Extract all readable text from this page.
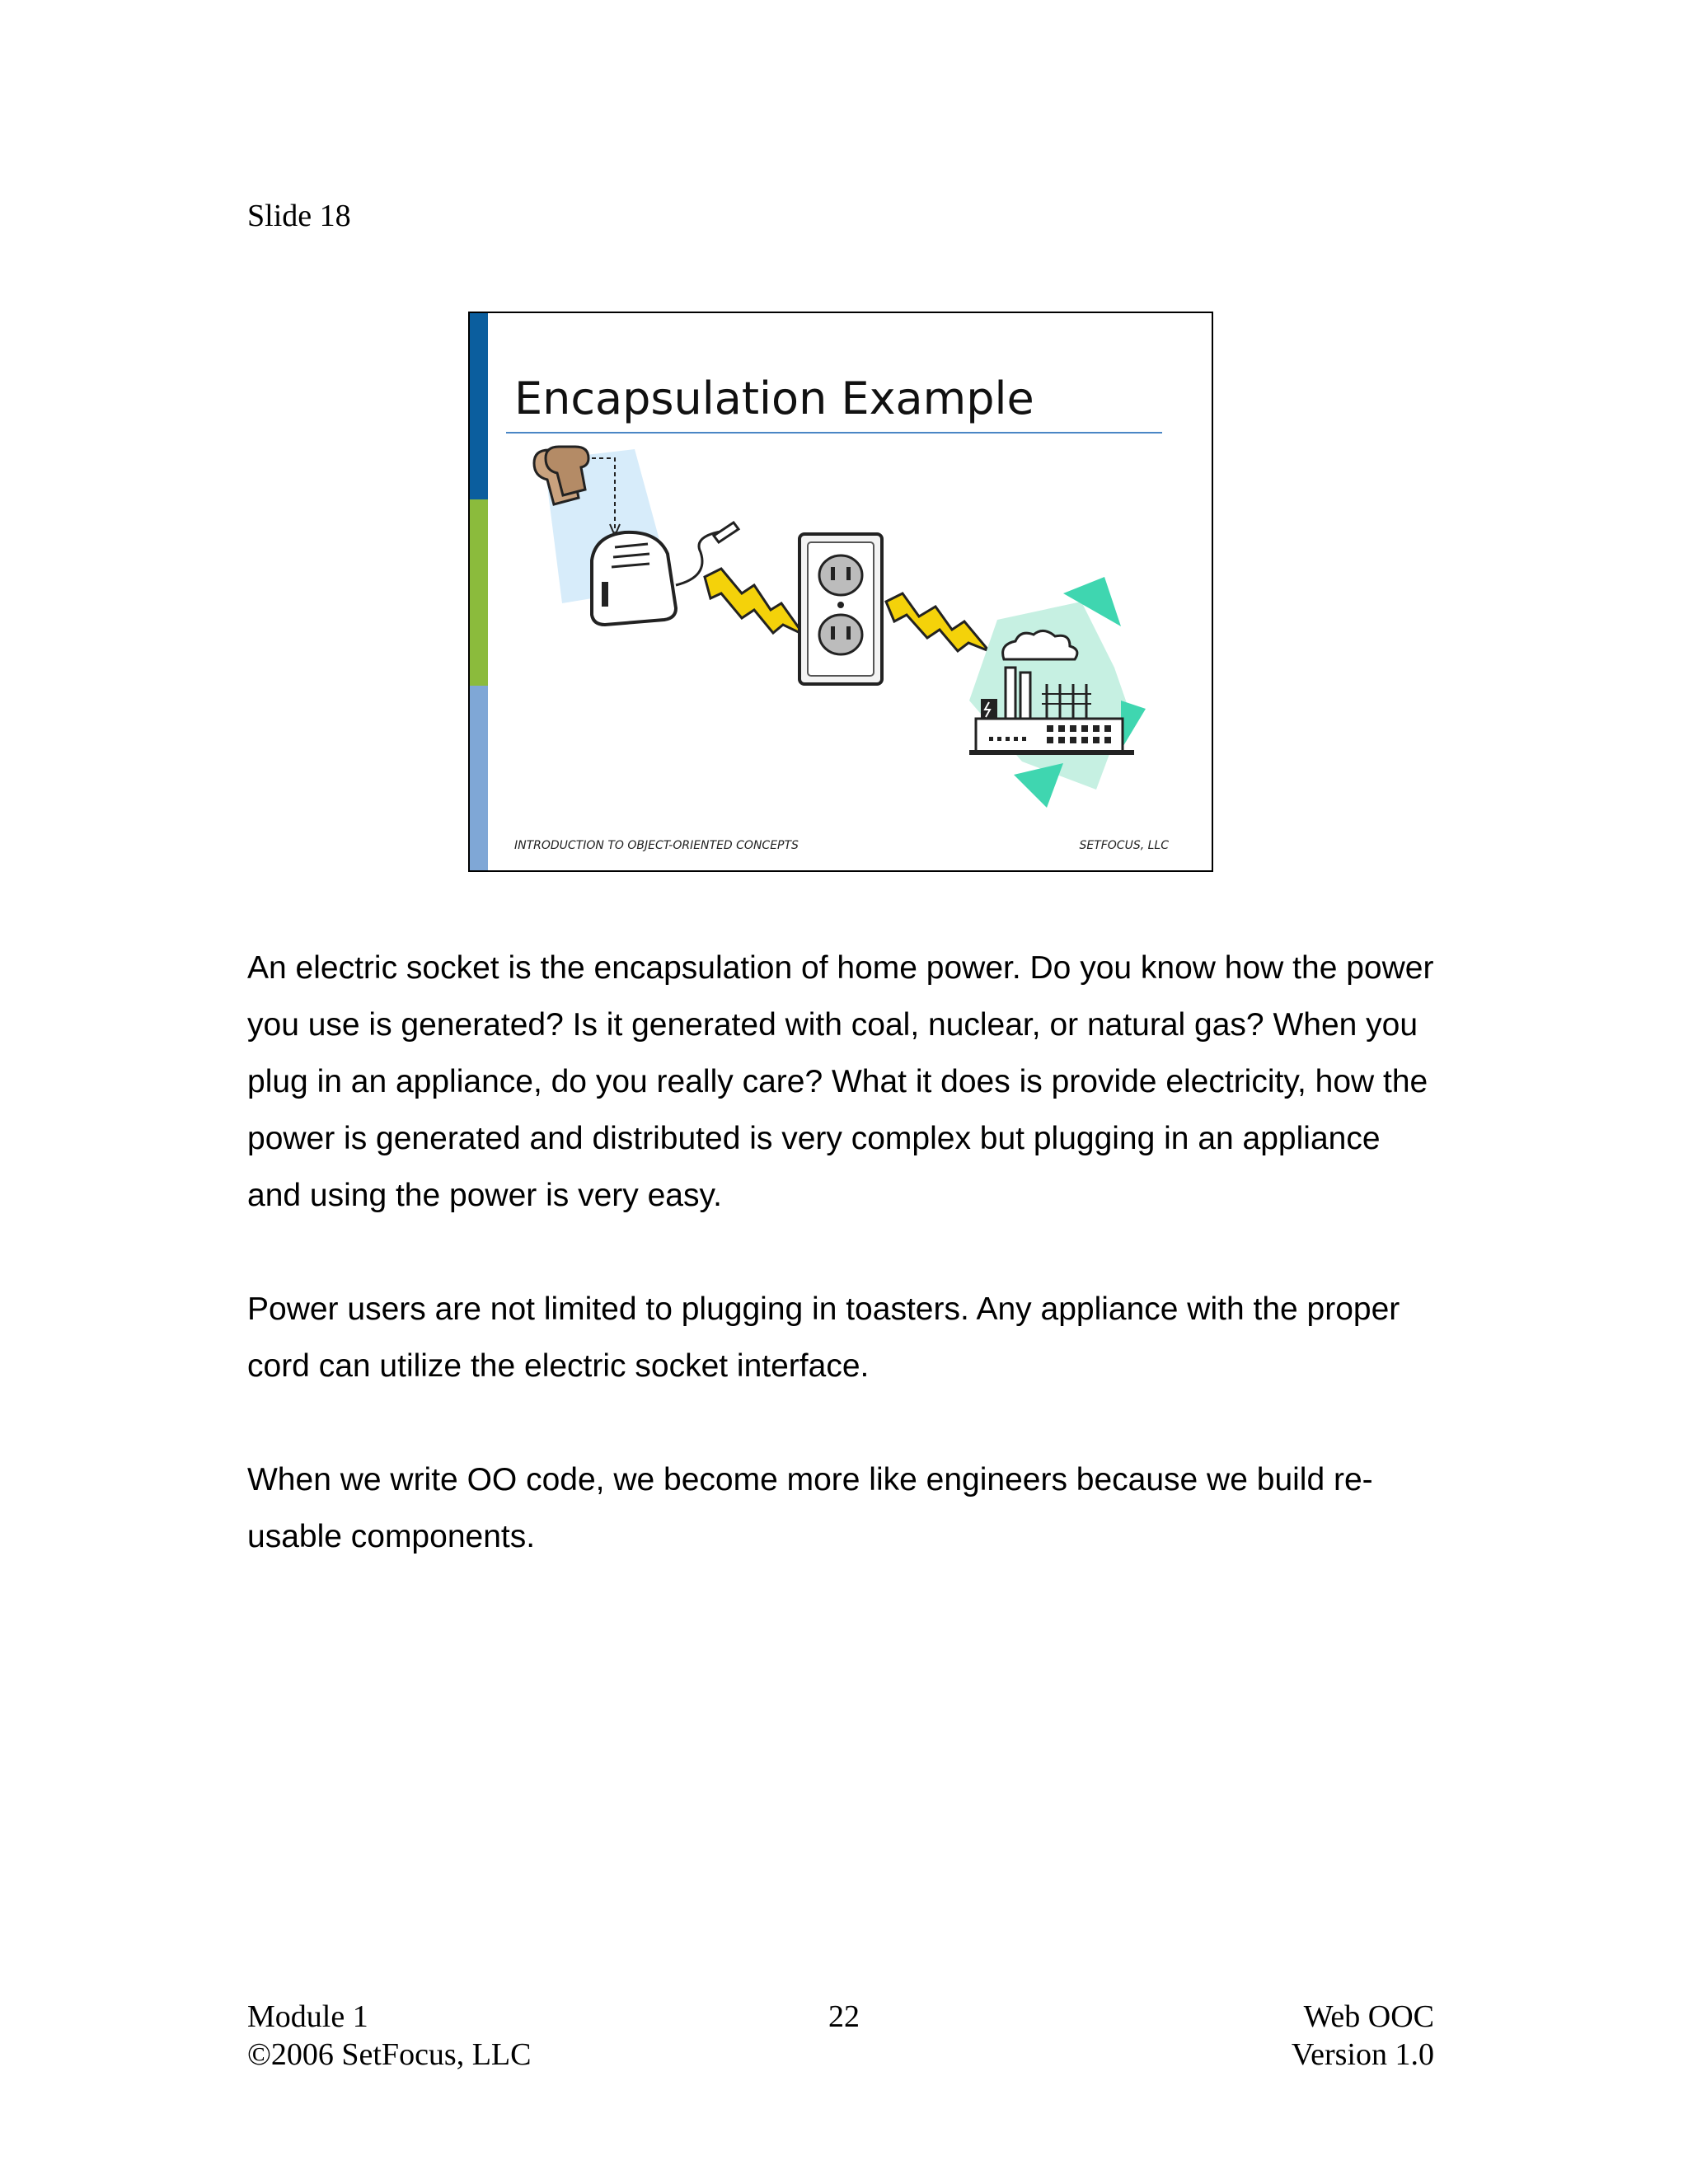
Slide 18
Encapsulation Example
INTRODUCTION TO OBJECT-ORIENTED CONCEPTS	SETFOCUS, LLC

An electric socket is the encapsulation of home power. Do you know how the power you use is generated? Is it generated with coal, nuclear, or natural gas? When you plug in an appliance, do you really care? What it does is provide electricity, how the power is generated and distributed is very complex but plugging in an appliance and using the power is very easy.

Power users are not limited to plugging in toasters. Any appliance with the proper cord can utilize the electric socket interface.

When we write OO code, we become more like engineers because we build re-usable components.

Module 1	22	Web OOC
©2006 SetFocus, LLC	Version 1.0
